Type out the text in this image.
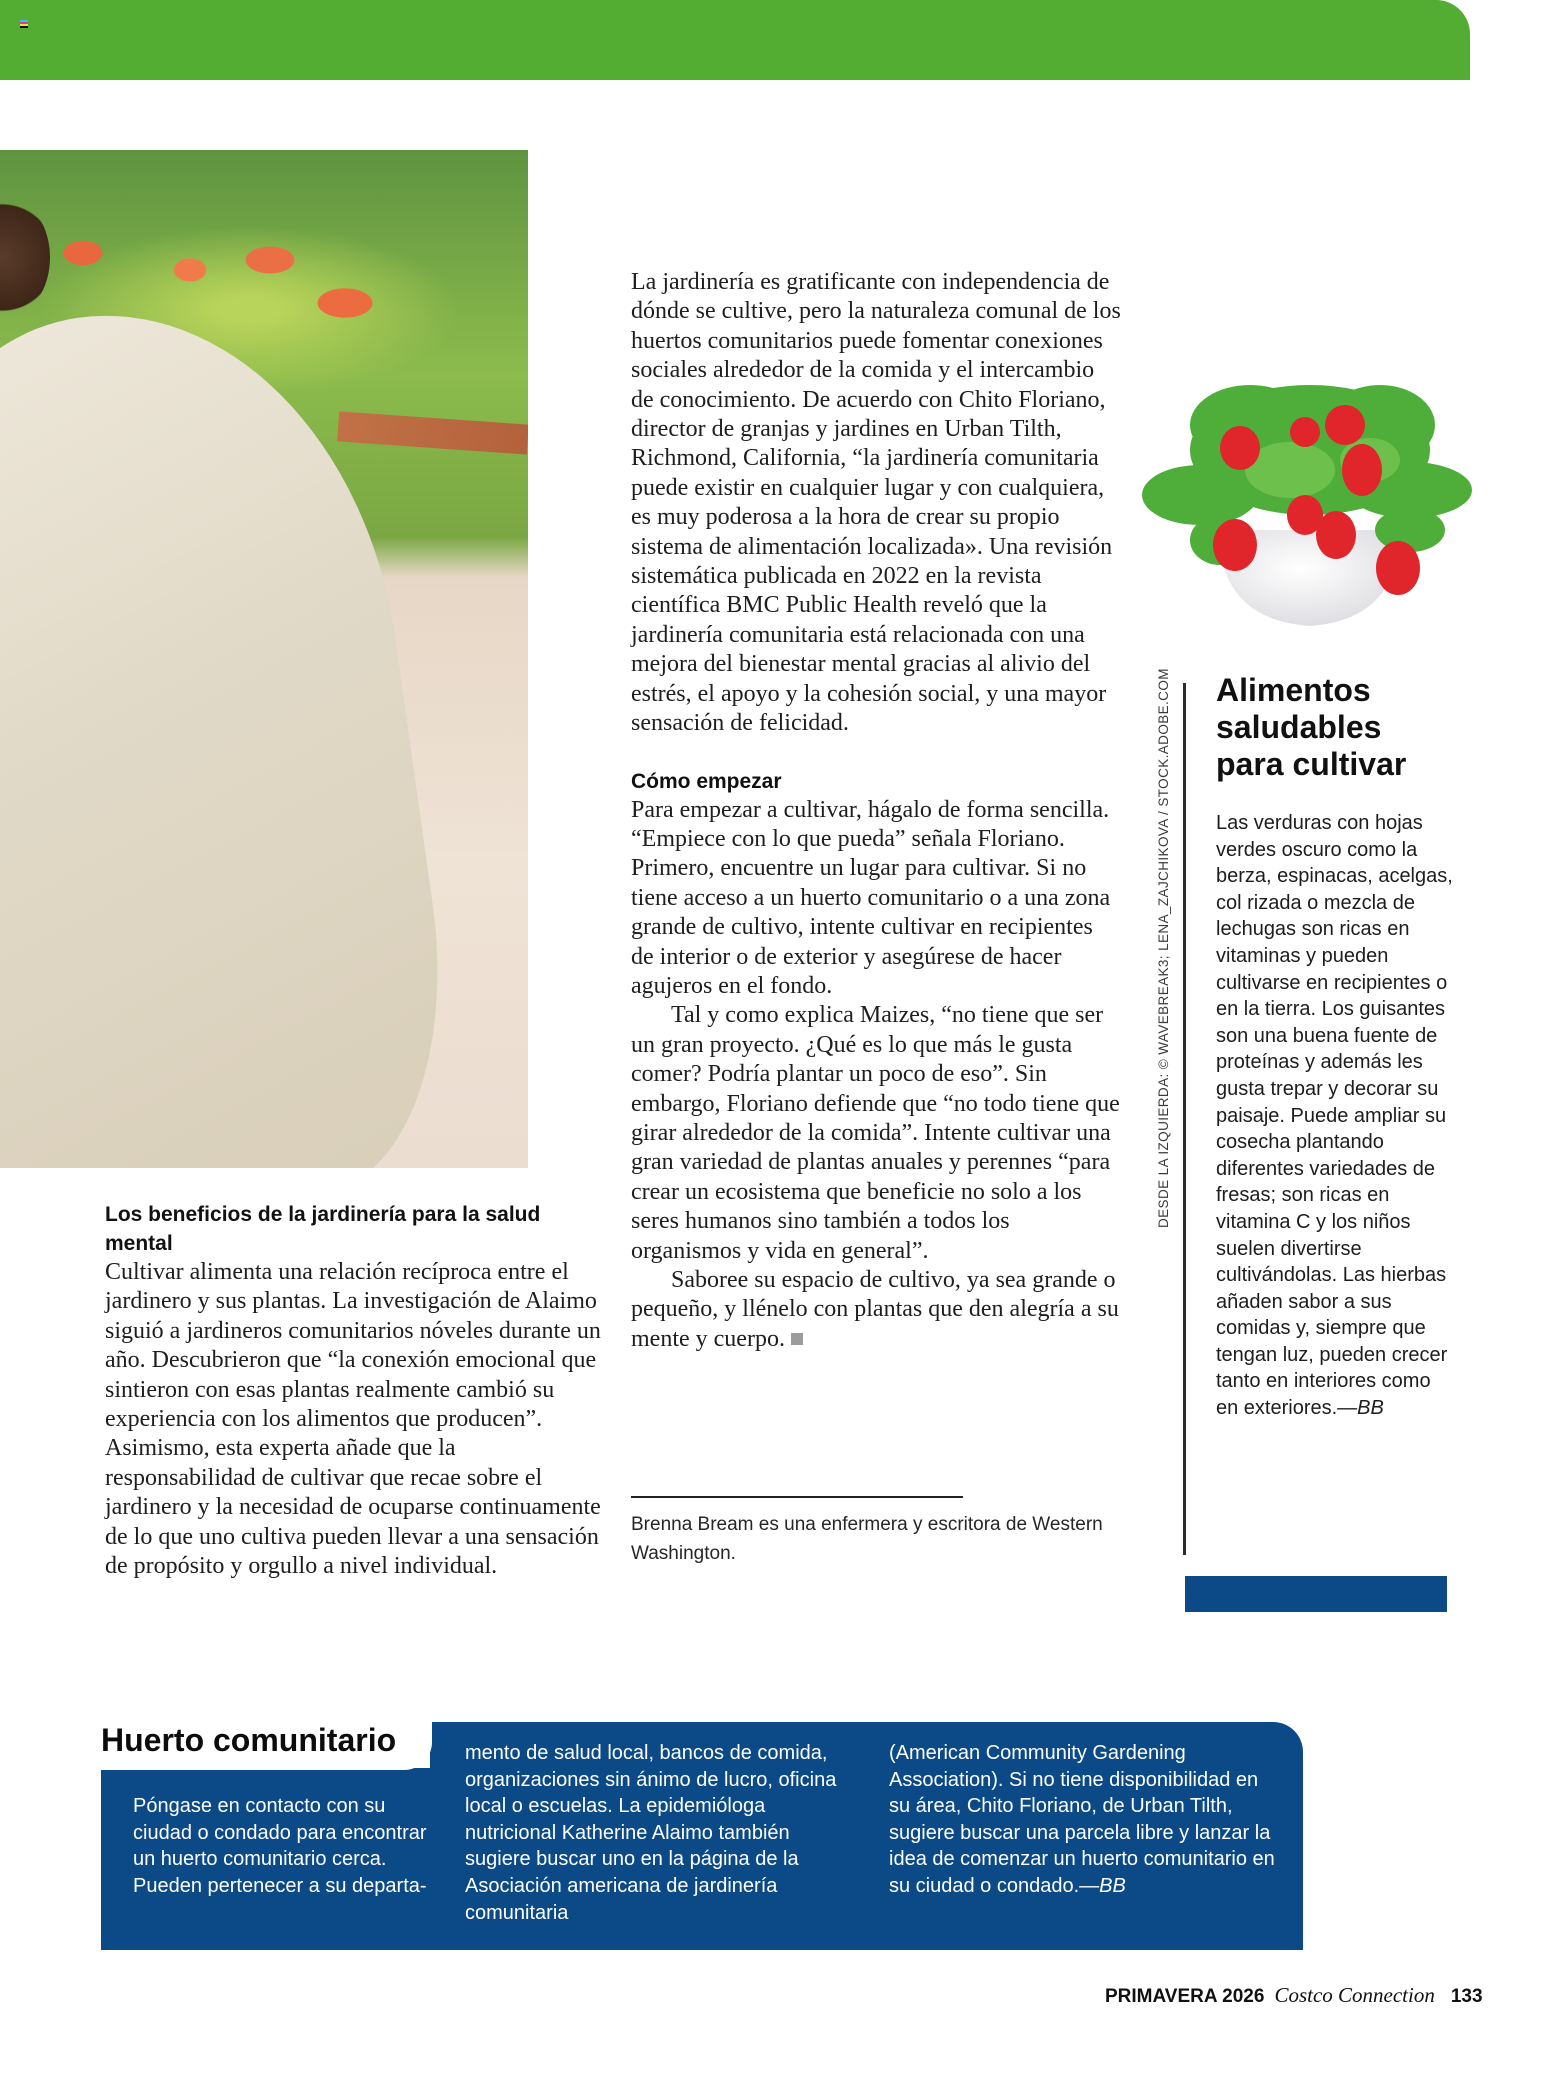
La jardinería es gratificante con independencia de dónde se cultive, pero la naturaleza comunal de los huertos comunitarios puede fomentar conexiones sociales alrededor de la comida y el intercambio de conocimiento. De acuerdo con Chito Floriano, director de granjas y jardines en Urban Tilth, Richmond, California, “la jardinería comunitaria puede existir en cualquier lugar y con cualquiera, es muy poderosa a la hora de crear su propio sistema de alimentación localizada». Una revisión sistemática publicada en 2022 en la revista científica BMC Public Health reveló que la jardinería comunitaria está relacionada con una mejora del bienestar mental gracias al alivio del estrés, el apoyo y la cohesión social, y una mayor sensación de felicidad.

Cómo empezar

Para empezar a cultivar, hágalo de forma sencilla. “Empiece con lo que pueda” señala Floriano. Primero, encuentre un lugar para cultivar. Si no tiene acceso a un huerto comunitario o a una zona grande de cultivo, intente cultivar en recipientes de interior o de exterior y asegúrese de hacer agujeros en el fondo.

Tal y como explica Maizes, “no tiene que ser un gran proyecto. ¿Qué es lo que más le gusta comer? Podría plantar un poco de eso”. Sin embargo, Floriano defiende que “no todo tiene que girar alrededor de la comida”. Intente cultivar una gran variedad de plantas anuales y perennes “para crear un ecosistema que beneficie no solo a los seres humanos sino también a todos los organismos y vida en general”.

Saboree su espacio de cultivo, ya sea grande o pequeño, y llénelo con plantas que den alegría a su mente y cuerpo.

Brenna Bream es una enfermera y escritora de Western Washington.
Los beneficios de la jardinería para la salud mental

Cultivar alimenta una relación recíproca entre el jardinero y sus plantas. La investigación de Alaimo siguió a jardineros comunitarios nóveles durante un año. Descubrieron que “la conexión emocional que sintieron con esas plantas realmente cambió su experiencia con los alimentos que producen”. Asimismo, esta experta añade que la responsabilidad de cultivar que recae sobre el jardinero y la necesidad de ocuparse continuamente de lo que uno cultiva pueden llevar a una sensación de propósito y orgullo a nivel individual.

DESDE LA IZQUIERDA: © WAVEBREAK3; LENA_ZAJCHIKOVA / STOCK.ADOBE.COM Alimentos saludables para cultivar
Las verduras con hojas verdes oscuro como la berza, espinacas, acelgas, col rizada o mezcla de lechugas son ricas en vitaminas y pueden cultivarse en recipientes o en la tierra. Los guisantes son una buena fuente de proteínas y además les gusta trepar y decorar su paisaje. Puede ampliar su cosecha plantando diferentes variedades de fresas; son ricas en vitamina C y los niños suelen divertirse cultivándolas. Las hierbas añaden sabor a sus comidas y, siempre que tengan luz, pueden crecer tanto en interiores como en exteriores.—BB
Huerto comunitario
Póngase en contacto con su ciudad o condado para encontrar un huerto comunitario cerca. Pueden pertenecer a su departa-
mento de salud local, bancos de comida, organizaciones sin ánimo de lucro, oficina local o escuelas. La epidemióloga nutricional Katherine Alaimo también sugiere buscar uno en la página de la Asociación americana de jardinería comunitaria
(American Community Gardening Association). Si no tiene disponibilidad en su área, Chito Floriano, de Urban Tilth, sugiere buscar una parcela libre y lanzar la idea de comenzar un huerto comunitario en su ciudad o condado.—BB
PRIMAVERA 2026 Costco Connection 133
